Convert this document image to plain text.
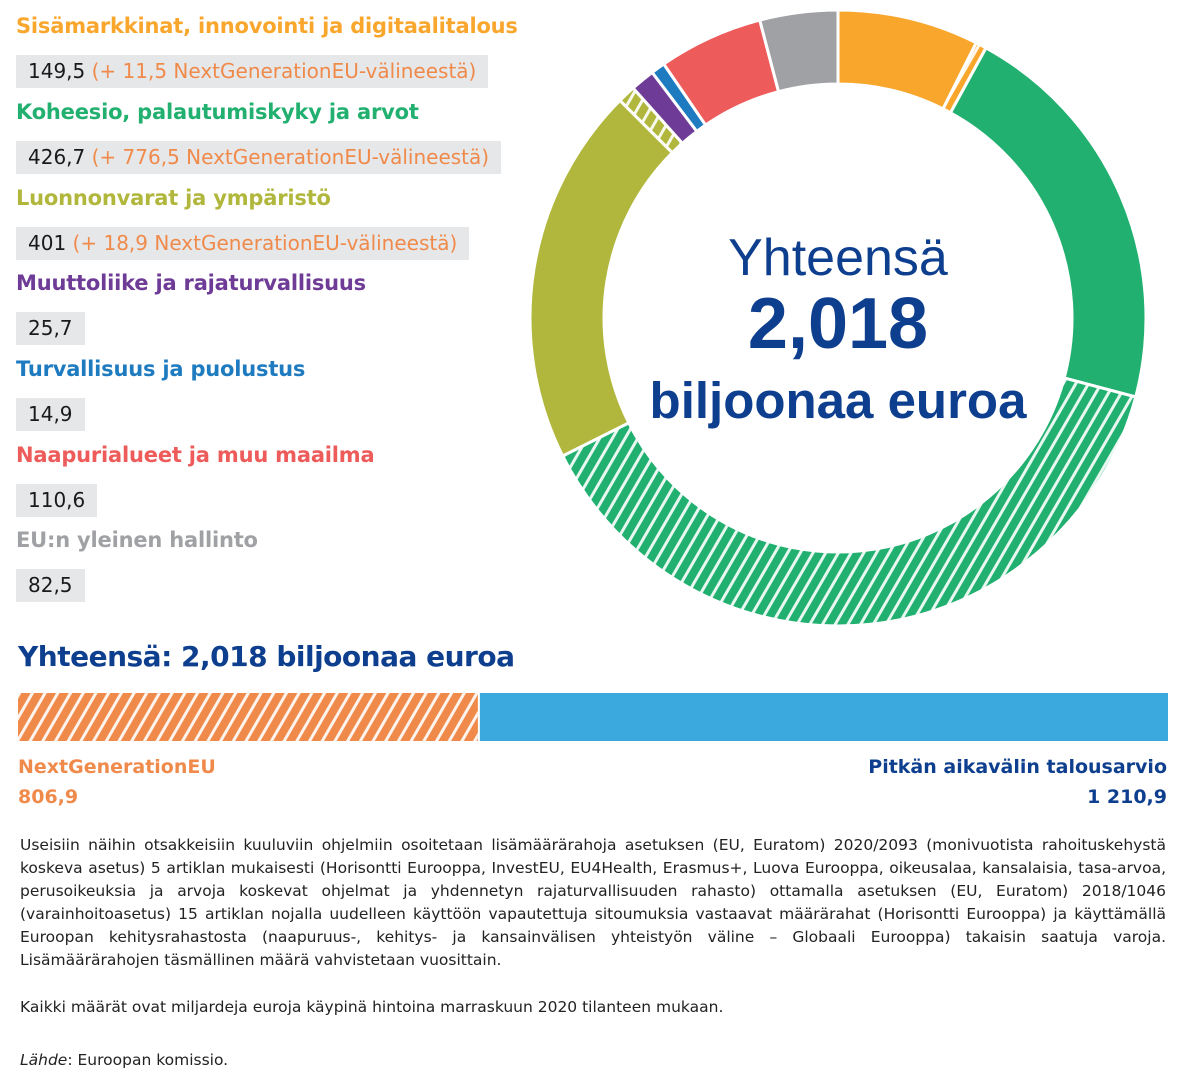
Sisämarkkinat, innovointi ja digitaalitalous
149,5 (+ 11,5 NextGenerationEU-välineestä)
Koheesio, palautumiskyky ja arvot
426,7 (+ 776,5 NextGenerationEU-välineestä)
Luonnonvarat ja ympäristö
401 (+ 18,9 NextGenerationEU-välineestä)
Muuttoliike ja rajaturvallisuus
25,7
Turvallisuus ja puolustus
14,9
Naapurialueet ja muu maailma
110,6
EU:n yleinen hallinto
82,5
Yhteensä
2,018
biljoonaa euroa
Yhteensä: 2,018 biljoonaa euroa
NextGenerationEU
806,9
Pitkän aikavälin talousarvio
1 210,9
Useisiin näihin otsakkeisiin kuuluviin ohjelmiin osoitetaan lisämäärärahoja asetuksen (EU, Euratom) 2020/2093 (monivuotista rahoituskehystä koskeva asetus) 5 artiklan mukaisesti (Horisontti Eurooppa, InvestEU, EU4Health, Erasmus+, Luova Eurooppa, oikeusalaa, kansalaisia, tasa-arvoa, perusoikeuksia ja arvoja koskevat ohjelmat ja yhdennetyn rajaturvallisuuden rahasto) ottamalla asetuksen (EU, Euratom) 2018/1046 (varainhoitoasetus) 15 artiklan nojalla uudelleen käyttöön vapautettuja sitoumuksia vastaavat määrärahat (Horisontti Eurooppa) ja käyttämällä Euroopan kehitysrahastosta (naapuruus-, kehitys- ja kansainvälisen yhteistyön väline – Globaali Eurooppa) takaisin saatuja varoja. Lisämäärärahojen täsmällinen määrä vahvistetaan vuosittain.
Kaikki määrät ovat miljardeja euroja käypinä hintoina marraskuun 2020 tilanteen mukaan.
Lähde: Euroopan komissio.
